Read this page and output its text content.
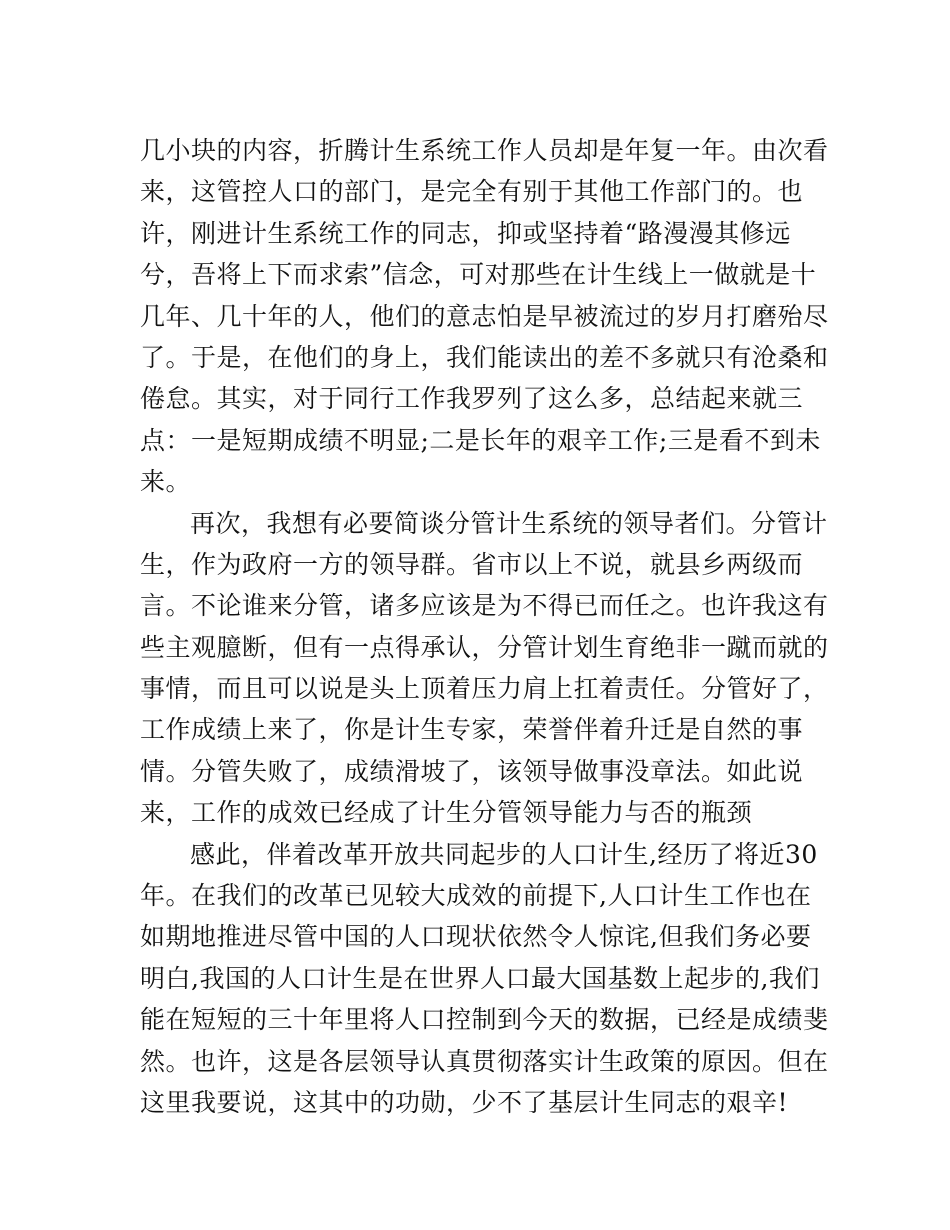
几小块的内容，折腾计生系统工作人员却是年复一年。由次看
来，这管控人口的部门，是完全有别于其他工作部门的。也
许，刚进计生系统工作的同志，抑或坚持着“路漫漫其修远
兮，吾将上下而求索”信念，可对那些在计生线上一做就是十
几年、几十年的人，他们的意志怕是早被流过的岁月打磨殆尽
了。于是，在他们的身上，我们能读出的差不多就只有沧桑和
倦怠。其实，对于同行工作我罗列了这么多，总结起来就三
点：一是短期成绩不明显;二是长年的艰辛工作;三是看不到未
来。
再次，我想有必要简谈分管计生系统的领导者们。分管计
生，作为政府一方的领导群。省市以上不说，就县乡两级而
言。不论谁来分管，诸多应该是为不得已而任之。也许我这有
些主观臆断，但有一点得承认，分管计划生育绝非一蹴而就的
事情，而且可以说是头上顶着压力肩上扛着责任。分管好了，
工作成绩上来了，你是计生专家，荣誉伴着升迁是自然的事
情。分管失败了，成绩滑坡了，该领导做事没章法。如此说
来，工作的成效已经成了计生分管领导能力与否的瓶颈
感此，伴着改革开放共同起步的人口计生,经历了将近30
年。在我们的改革已见较大成效的前提下,人口计生工作也在
如期地推进尽管中国的人口现状依然令人惊诧,但我们务必要
明白,我国的人口计生是在世界人口最大国基数上起步的,我们
能在短短的三十年里将人口控制到今天的数据，已经是成绩斐
然。也许，这是各层领导认真贯彻落实计生政策的原因。但在
这里我要说，这其中的功勋，少不了基层计生同志的艰辛!
